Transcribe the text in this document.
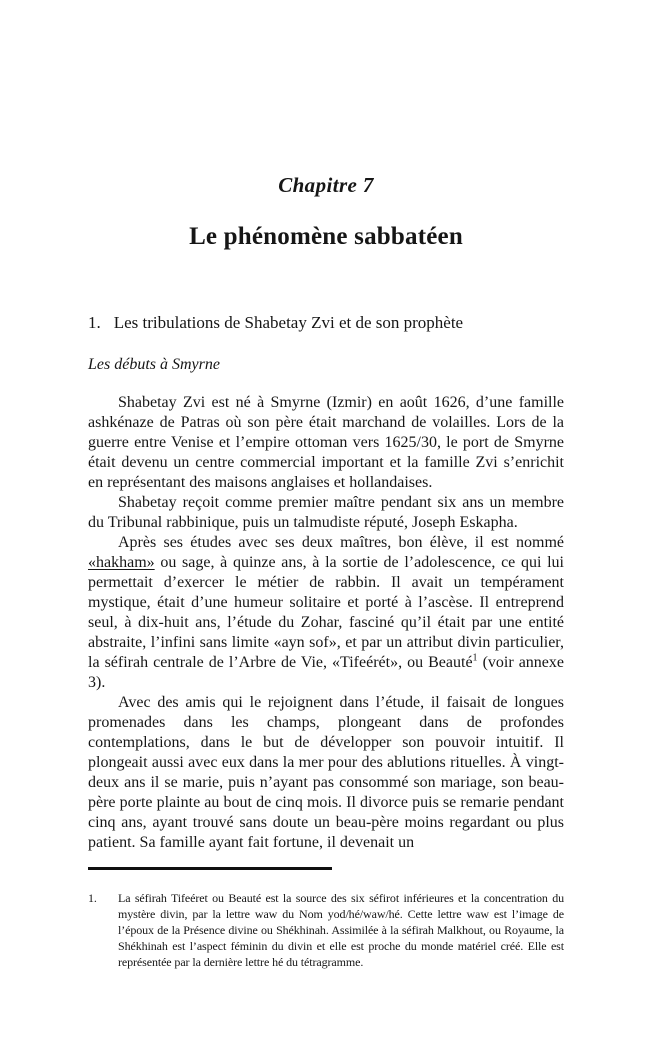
Chapitre 7
Le phénomène sabbatéen
1. Les tribulations de Shabetay Zvi et de son prophète
Les débuts à Smyrne

Shabetay Zvi est né à Smyrne (Izmir) en août 1626, d’une famille ashkénaze de Patras où son père était marchand de volailles. Lors de la guerre entre Venise et l’empire ottoman vers 1625/30, le port de Smyrne était devenu un centre commercial important et la famille Zvi s’enrichit en représentant des maisons anglaises et hollandaises.

Shabetay reçoit comme premier maître pendant six ans un membre du Tribunal rabbinique, puis un talmudiste réputé, Joseph Eskapha.

Après ses études avec ses deux maîtres, bon élève, il est nommé «hakham» ou sage, à quinze ans, à la sortie de l’adolescence, ce qui lui permettait d’exercer le métier de rabbin. Il avait un tempérament mystique, était d’une humeur solitaire et porté à l’ascèse. Il entreprend seul, à dix-huit ans, l’étude du Zohar, fasciné qu’il était par une entité abstraite, l’infini sans limite «ayn sof», et par un attribut divin particulier, la séfirah centrale de l’Arbre de Vie, «Tifeérét», ou Beauté$^1$ (voir annexe 3).

Avec des amis qui le rejoignent dans l’étude, il faisait de longues promenades dans les champs, plongeant dans de profondes contemplations, dans le but de développer son pouvoir intuitif. Il plongeait aussi avec eux dans la mer pour des ablutions rituelles. À vingt-deux ans il se marie, puis n’ayant pas consommé son mariage, son beau-père porte plainte au bout de cinq mois. Il divorce puis se remarie pendant cinq ans, ayant trouvé sans doute un beau-père moins regardant ou plus patient. Sa famille ayant fait fortune, il devenait un

1.	La séfirah Tifeéret ou Beauté est la source des six séfirot inférieures et la concentration du mystère divin, par la lettre waw du Nom yod/hé/waw/hé. Cette lettre waw est l’image de l’époux de la Présence divine ou Shékhinah. Assimilée à la séfirah Malkhout, ou Royaume, la Shékhinah est l’aspect féminin du divin et elle est proche du monde matériel créé. Elle est représentée par la dernière lettre hé du tétragramme.
